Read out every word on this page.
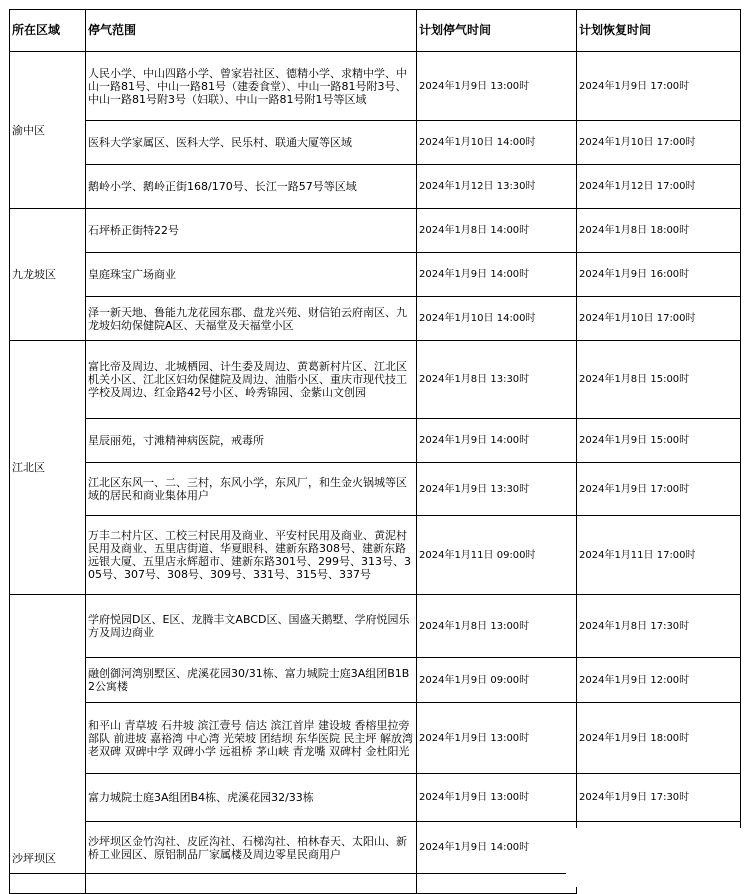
所在区域	停气范围	计划停气时间	计划恢复时间
渝中区	人民小学、中山四路小学、曾家岩社区、德精小学、求精中学、中山一路81号、中山一路81号（建委食堂）、中山一路81号附3号、中山一路81号附3号（妇联）、中山一路81号附1号等区域	2024年1月9日 13:00时	2024年1月9日 17:00时
	医科大学家属区、医科大学、民乐村、联通大厦等区域	2024年1月10日 14:00时	2024年1月10日 17:00时
	鹅岭小学、鹅岭正街168/170号、长江一路57号等区域	2024年1月12日 13:30时	2024年1月12日 17:00时
九龙坡区	石坪桥正街特22号	2024年1月8日 14:00时	2024年1月8日 18:00时
	皇庭珠宝广场商业	2024年1月9日 14:00时	2024年1月9日 16:00时
	泽一新天地、鲁能九龙花园东郡、盘龙兴苑、财信铂云府南区、九龙坡妇幼保健院A区、天福堂及天福堂小区	2024年1月10日 14:00时	2024年1月10日 17:00时
江北区	富比帝及周边、北城栖园、计生委及周边、黄葛新村片区、江北区机关小区、江北区妇幼保健院及周边、油脂小区、重庆市现代技工学校及周边、红金路42号小区、岭秀锦园、金紫山文创园	2024年1月8日 13:30时	2024年1月8日 15:00时
	星辰丽苑，寸滩精神病医院，戒毒所	2024年1月9日 14:00时	2024年1月9日 15:00时
	江北区东风一、二、三村，东风小学，东风厂，和生金火锅城等区域的居民和商业集体用户	2024年1月9日 13:30时	2024年1月9日 17:00时
	万丰二村片区、工校三村民用及商业、平安村民用及商业、黄泥村民用及商业、五里店街道、华夏眼科、建新东路308号、建新东路远银大厦、五里店永辉超市、建新东路301号、299号、313号、305号、307号、308号、309号、331号、315号、337号	2024年1月11日 09:00时	2024年1月11日 17:00时
沙坪坝区	学府悦园D区、E区、龙腾丰文ABCD区、国盛天鹅墅、学府悦园乐方及周边商业	2024年1月8日 13:00时	2024年1月8日 17:30时
	融创御河湾别墅区、虎溪花园30/31栋、富力城院士庭3A组团B1B2公寓楼	2024年1月9日 09:00时	2024年1月9日 12:00时
	和平山 青草坡 石井坡 滨江壹号 信达 滨江首岸 建设坡 香榕里拉旁部队 前进坡 嘉裕湾 中心湾 光荣坡 团结坝 东华医院 民主坪 解放湾 老双碑 双碑中学 双碑小学 远祖桥 茅山峡 青龙嘴 双碑村 金杜阳光	2024年1月9日 13:00时	2024年1月9日 18:00时
	富力城院士庭3A组团B4栋、虎溪花园32/33栋	2024年1月9日 13:00时	2024年1月9日 17:30时
	沙坪坝区金竹沟社、皮匠沟社、石梯沟社、柏林春天、太阳山、新桥工业园区、原铝制品厂家属楼及周边零星民商用户	2024年1月9日 14:00时	
